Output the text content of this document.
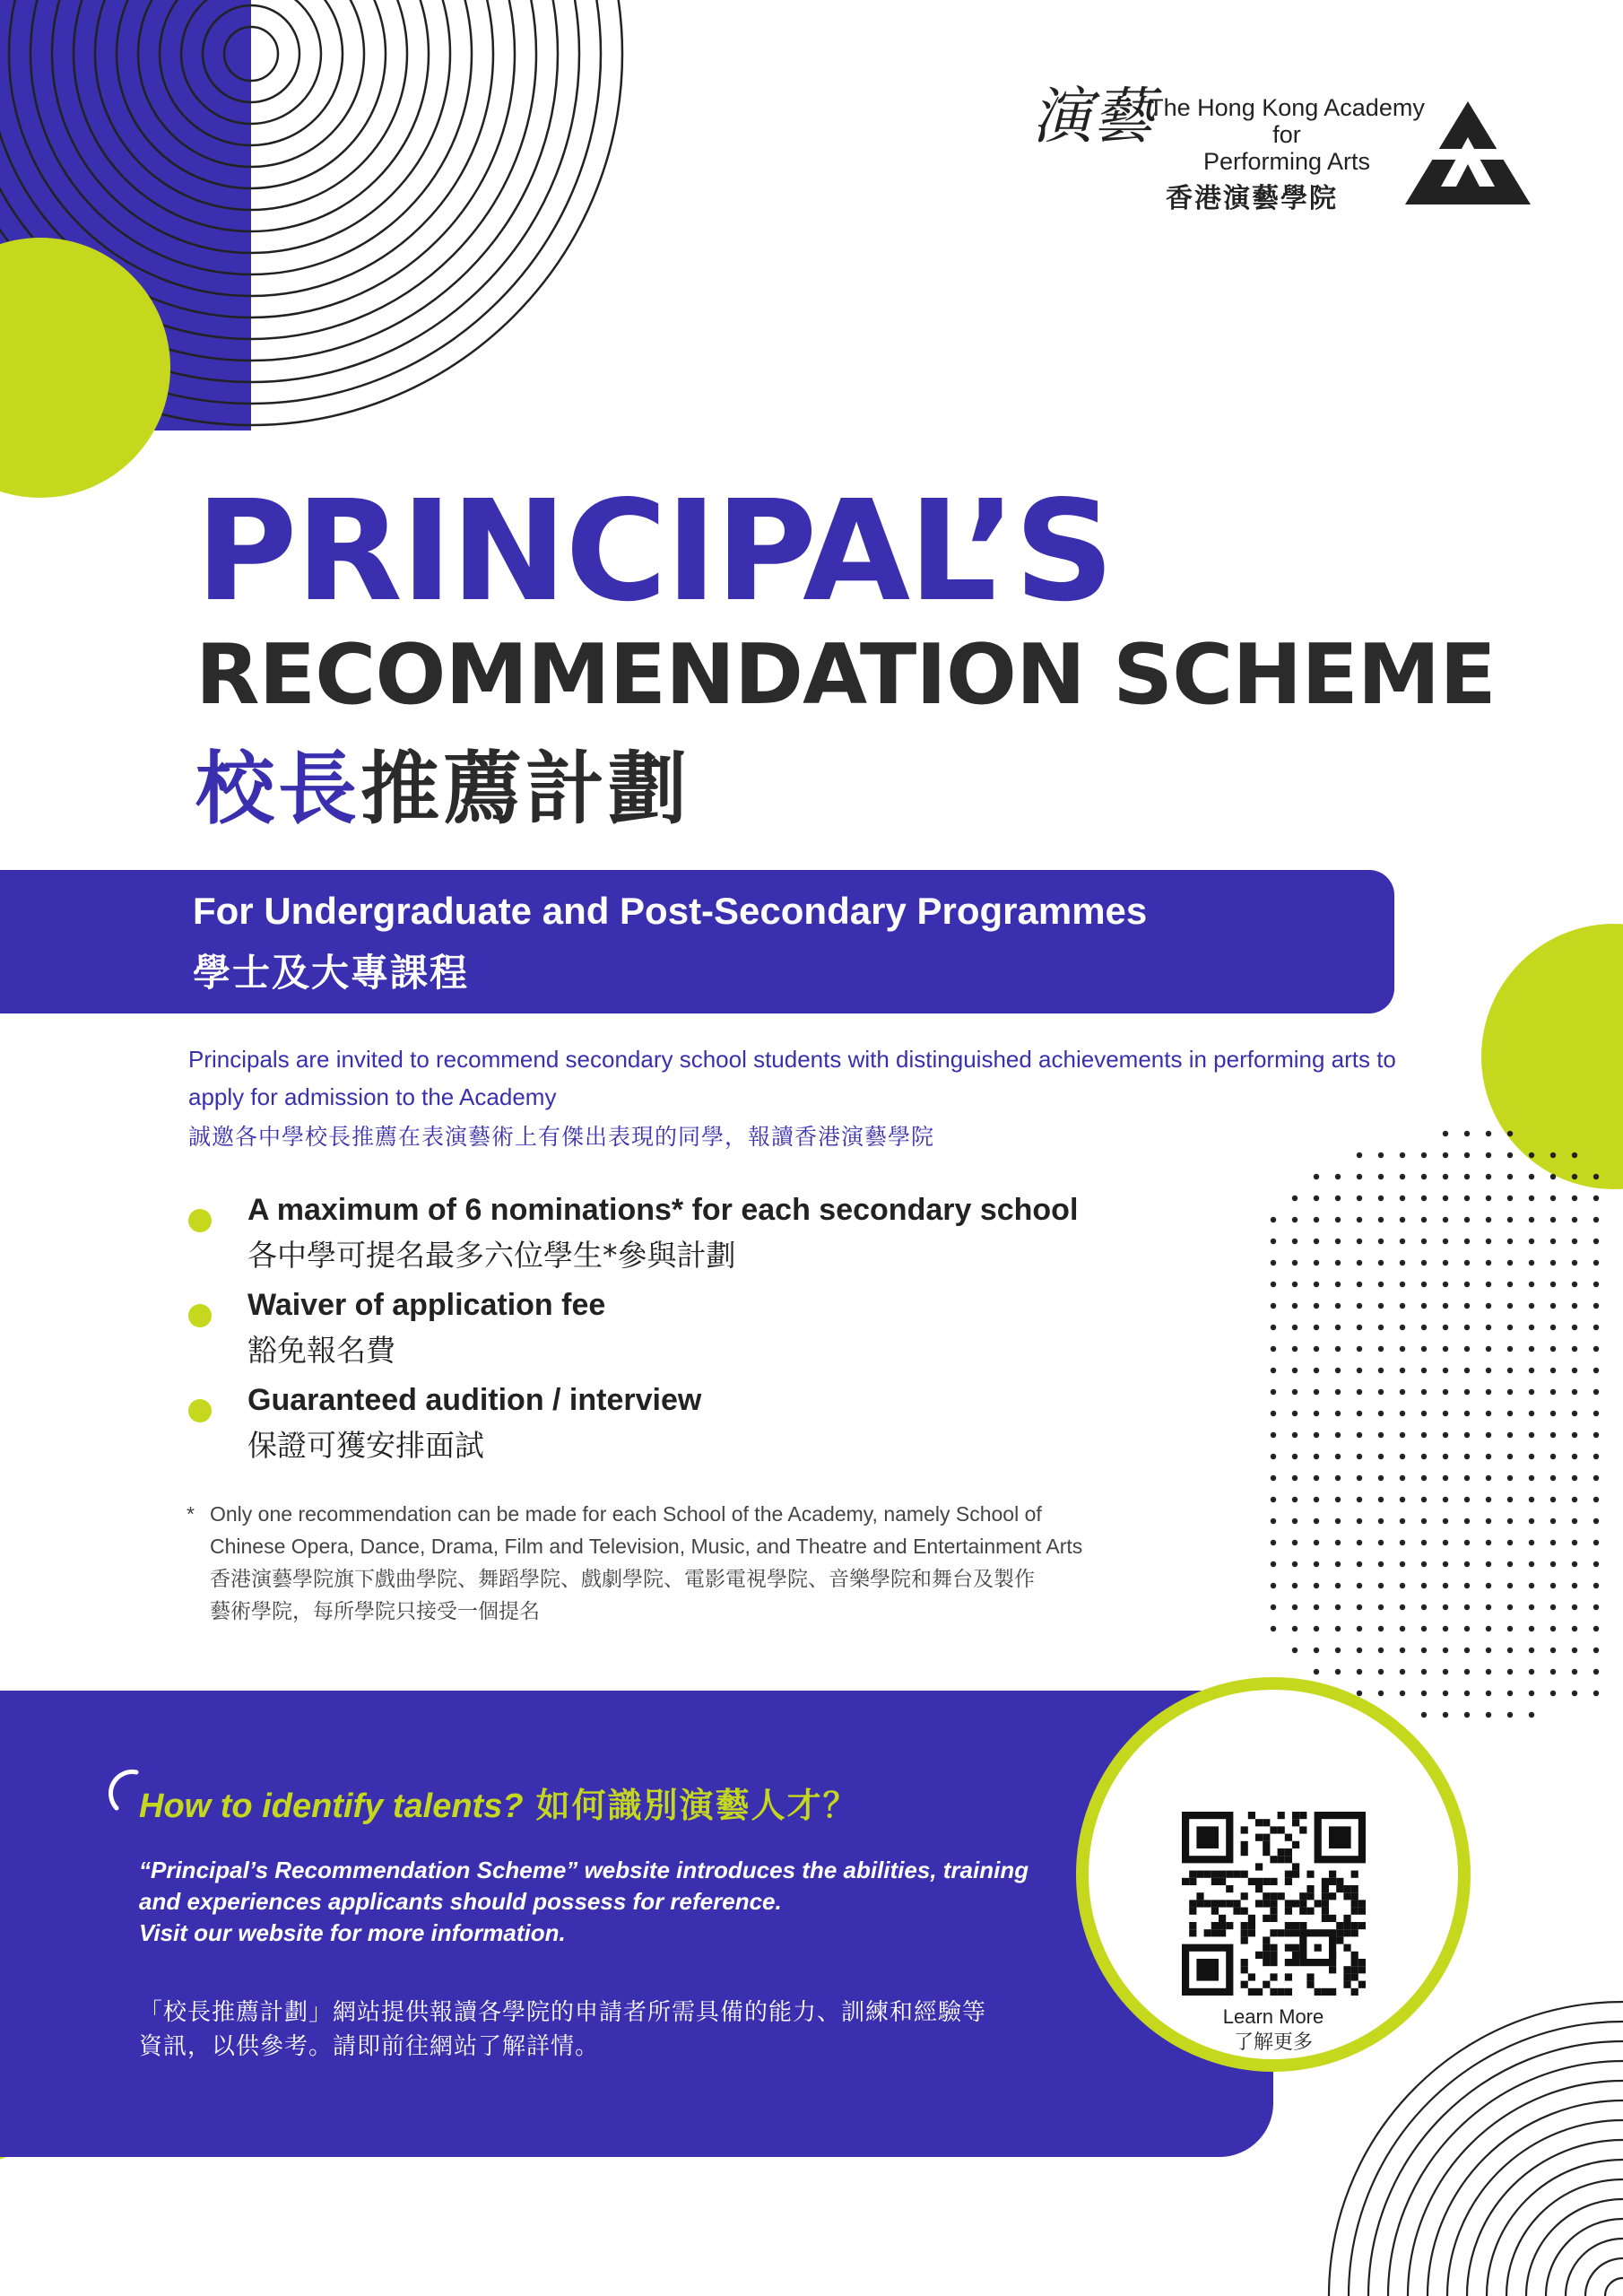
演藝
The Hong Kong Academy
for
Performing Arts
香港演藝學院
PRINCIPAL’S
RECOMMENDATION SCHEME
校長推薦計劃
For Undergraduate and Post-Secondary Programmes
學士及大專課程
Principals are invited to recommend secondary school students with distinguished achievements in performing arts to apply for admission to the Academy
誠邀各中學校長推薦在表演藝術上有傑出表現的同學，報讀香港演藝學院
A maximum of 6 nominations* for each secondary school
各中學可提名最多六位學生*參與計劃
Waiver of application fee
豁免報名費
Guaranteed audition / interview
保證可獲安排面試
* Only one recommendation can be made for each School of the Academy, namely School of
Chinese Opera, Dance, Drama, Film and Television, Music, and Theatre and Entertainment Arts
香港演藝學院旗下戲曲學院、舞蹈學院、戲劇學院、電影電視學院、音樂學院和舞台及製作
藝術學院，每所學院只接受一個提名
How to identify talents? 如何識別演藝人才？
“Principal’s Recommendation Scheme” website introduces the abilities, training
and experiences applicants should possess for reference.
Visit our website for more information.
「校長推薦計劃」網站提供報讀各學院的申請者所需具備的能力、訓練和經驗等
資訊，以供參考。請即前往網站了解詳情。
Learn More
了解更多
